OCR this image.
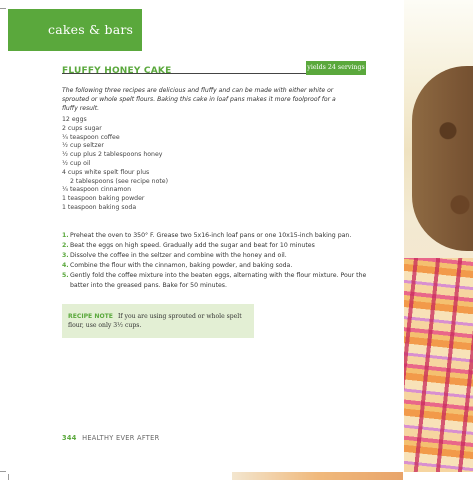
cakes & bars
FLUFFY HONEY CAKE	yields 24 servings
The following three recipes are delicious and fluffy and can be made with either white or sprouted or whole spelt flours. Baking this cake in loaf pans makes it more foolproof for a fluffy result.
12 eggs
2 cups sugar
¼ teaspoon coffee
½ cup seltzer
½ cup plus 2 tablespoons honey
½ cup oil
4 cups white spelt flour plus
2 tablespoons (see recipe note)
¼ teaspoon cinnamon
1 teaspoon baking powder
1 teaspoon baking soda
1. Preheat the oven to 350° F. Grease two 5x16-inch loaf pans or one 10x15-inch baking pan.
2. Beat the eggs on high speed. Gradually add the sugar and beat for 10 minutes
3. Dissolve the coffee in the seltzer and combine with the honey and oil.
4. Combine the flour with the cinnamon, baking powder, and baking soda.
5. Gently fold the coffee mixture into the beaten eggs, alternating with the flour mixture. Pour the batter into the greased pans. Bake for 50 minutes.
RECIPE NOTE If you are using sprouted or whole spelt flour, use only 3½ cups.
344 HEALTHY EVER AFTER
